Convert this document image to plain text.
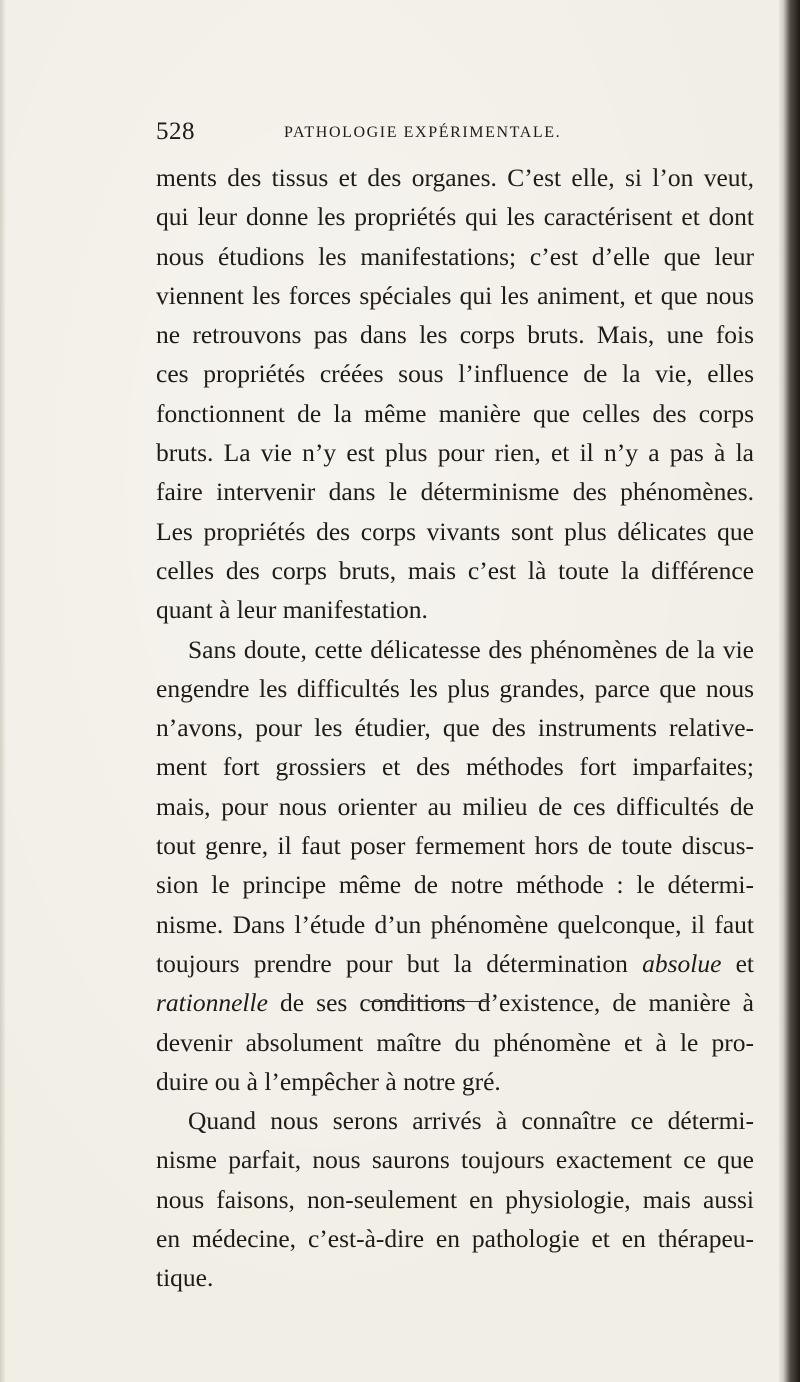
528	PATHOLOGIE EXPÉRIMENTALE.
ments des tissus et des organes. C’est elle, si l’on veut,
qui leur donne les propriétés qui les caractérisent et dont
nous étudions les manifestations; c’est d’elle que leur
viennent les forces spéciales qui les animent, et que nous
ne retrouvons pas dans les corps bruts. Mais, une fois
ces propriétés créées sous l’influence de la vie, elles
fonctionnent de la même manière que celles des corps
bruts. La vie n’y est plus pour rien, et il n’y a pas à la
faire intervenir dans le déterminisme des phénomènes.
Les propriétés des corps vivants sont plus délicates que
celles des corps bruts, mais c’est là toute la différence
quant à leur manifestation.
Sans doute, cette délicatesse des phénomènes de la vie
engendre les difficultés les plus grandes, parce que nous
n’avons, pour les étudier, que des instruments relative-
ment fort grossiers et des méthodes fort imparfaites;
mais, pour nous orienter au milieu de ces difficultés de
tout genre, il faut poser fermement hors de toute discus-
sion le principe même de notre méthode : le détermi-
nisme. Dans l’étude d’un phénomène quelconque, il faut
toujours prendre pour but la détermination absolue et
rationnelle de ses conditions d’existence, de manière à
devenir absolument maître du phénomène et à le pro-
duire ou à l’empêcher à notre gré.
Quand nous serons arrivés à connaître ce détermi-
nisme parfait, nous saurons toujours exactement ce que
nous faisons, non-seulement en physiologie, mais aussi
en médecine, c’est-à-dire en pathologie et en thérapeu-
tique.
